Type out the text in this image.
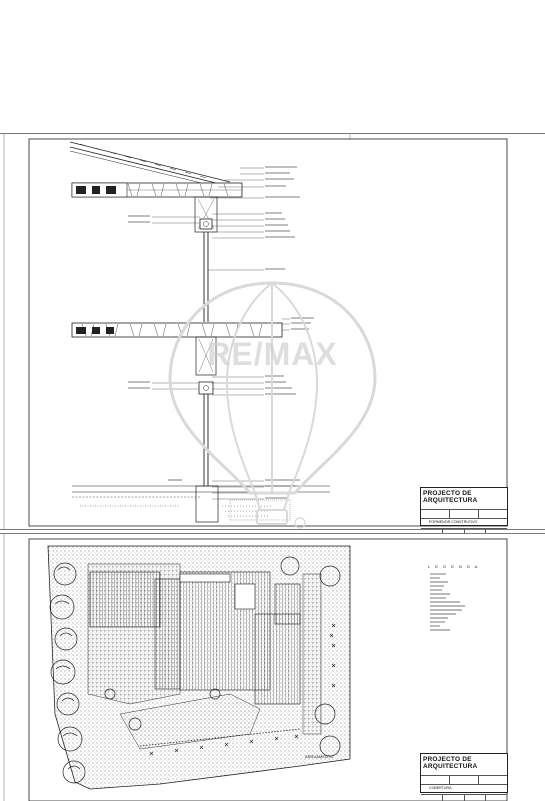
PROJECTO DE ARQUITECTURA
PORMENOR CONSTRUTIVO
L E G E N D A
ARRUAMENTO	PROJECTO DE ARQUITECTURA
COBERTURA
RE/MAX
